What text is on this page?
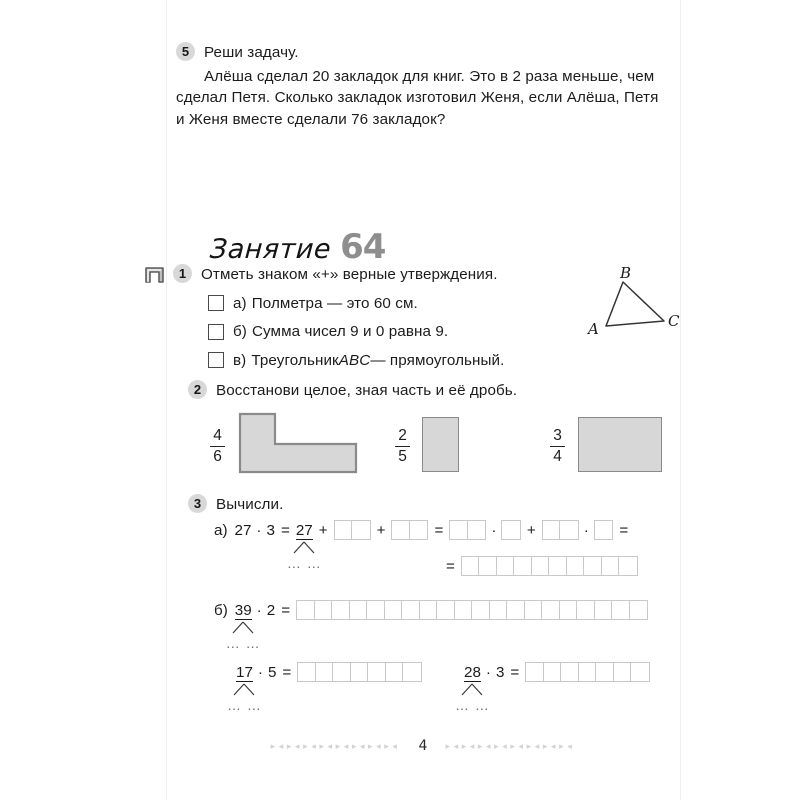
5 Реши задачу.

Алёша сделал 20 закладок для книг. Это в 2 раза меньше, чем сделал Петя. Сколько закладок изготовил Женя, если Алёша, Петя и Женя вместе сделали 76 закладок?

Занятие 64
1 Отметь знаком «+» верные утверждения.
а) Полметра — это 60 см.
б) Сумма чисел 9 и 0 равна 9.
в) Треугольник ABC — прямоугольный.
B
A	C
2 Восстанови целое, зная часть и её дробь.
4
6
2
5
3
4
3 Вычисли.
а) 27 · 3 = 27
… …
+	+	=	· +	· =
=
б) 39
… …
· 2 =
17
… …
· 5 =	28
… …
· 3 =
▸◂▸◂▸◂▸◂▸◂▸◂▸◂▸◂ 4 ▸◂▸◂▸◂▸◂▸◂▸◂▸◂▸◂
